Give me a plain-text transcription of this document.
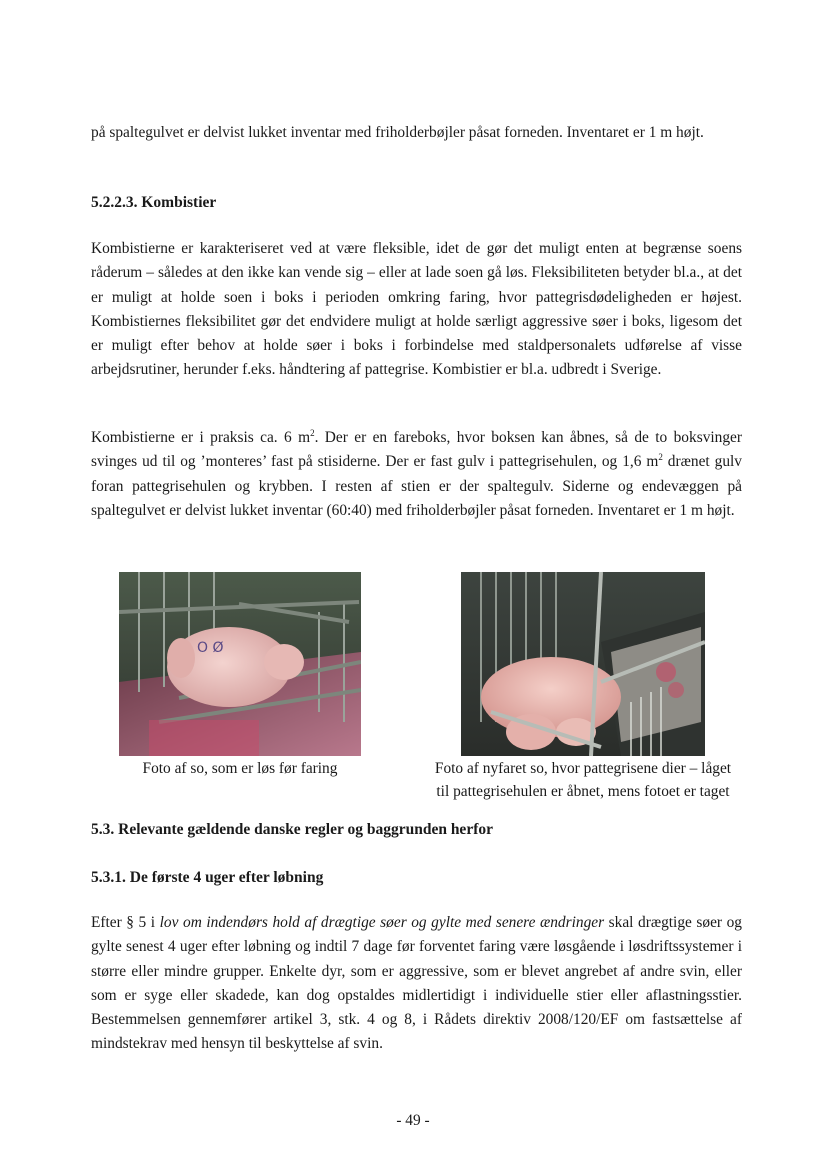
på spaltegulvet er delvist lukket inventar med friholderbøjler påsat forneden. Inventaret er 1 m højt.

5.2.2.3. Kombistier

Kombistierne er karakteriseret ved at være fleksible, idet de gør det muligt enten at begrænse soens råderum – således at den ikke kan vende sig – eller at lade soen gå løs. Fleksibiliteten betyder bl.a., at det er muligt at holde soen i boks i perioden omkring faring, hvor pattegrisdødeligheden er højest. Kombistiernes fleksibilitet gør det endvidere muligt at holde særligt aggressive søer i boks, ligesom det er muligt efter behov at holde søer i boks i forbindelse med staldpersonalets udførelse af visse arbejdsrutiner, herunder f.eks. håndtering af pattegrise. Kombistier er bl.a. udbredt i Sverige.

Kombistierne er i praksis ca. 6 $m^2$. Der er en fareboks, hvor boksen kan åbnes, så de to boksvinger svinges ud til og ’monteres’ fast på stisiderne. Der er fast gulv i pattegrisehulen, og 1,6 $m^2$ drænet gulv foran pattegrisehulen og krybben. I resten af stien er der spaltegulv. Siderne og endevæggen på spaltegulvet er delvist lukket inventar (60:40) med friholderbøjler påsat forneden. Inventaret er 1 m højt.

O Ø
Foto af so, som er løs før faring	Foto af nyfaret so, hvor pattegrisene dier – låget
til pattegrisehulen er åbnet, mens fotoet er taget
5.3. Relevante gældende danske regler og baggrunden herfor
5.3.1. De første 4 uger efter løbning

Efter § 5 i lov om indendørs hold af drægtige søer og gylte med senere ændringer skal drægtige søer og gylte senest 4 uger efter løbning og indtil 7 dage før forventet faring være løsgående i løsdriftssystemer i større eller mindre grupper. Enkelte dyr, som er aggressive, som er blevet angrebet af andre svin, eller som er syge eller skadede, kan dog opstaldes midlertidigt i individuelle stier eller aflastningsstier. Bestemmelsen gennemfører artikel 3, stk. 4 og 8, i Rådets direktiv 2008/120/EF om fastsættelse af mindstekrav med hensyn til beskyttelse af svin.

- 49 -
